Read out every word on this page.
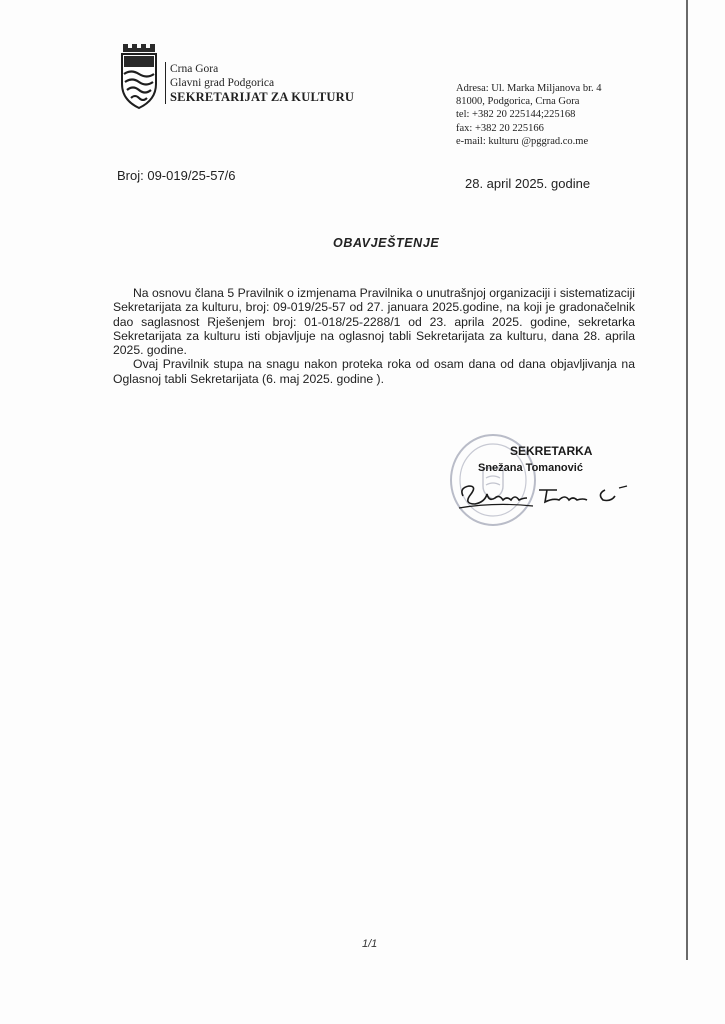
Crna Gora
Glavni grad Podgorica
SEKRETARIJAT ZA KULTURU
Adresa: Ul. Marka Miljanova br. 4
81000, Podgorica, Crna Gora
tel: +382 20 225144;225168
fax: +382 20 225166
e-mail: kulturu @pggrad.co.me
Broj: 09-019/25-57/6
28. april 2025. godine
OBAVJEŠTENJE

Na osnovu člana 5 Pravilnik o izmjenama Pravilnika o unutrašnjoj organizaciji i sistematizaciji Sekretarijata za kulturu, broj: 09-019/25-57 od 27. januara 2025.godine, na koji je gradonačelnik dao saglasnost Rješenjem broj: 01-018/25-2288/1 od 23. aprila 2025. godine, sekretarka Sekretarijata za kulturu isti objavljuje na oglasnoj tabli Sekretarijata za kulturu, dana 28. aprila 2025. godine.

Ovaj Pravilnik stupa na snagu nakon proteka roka od osam dana od dana objavljivanja na Oglasnoj tabli Sekretarijata (6. maj 2025. godine ).

SEKRETARKA
Snežana Tomanović
1/1
